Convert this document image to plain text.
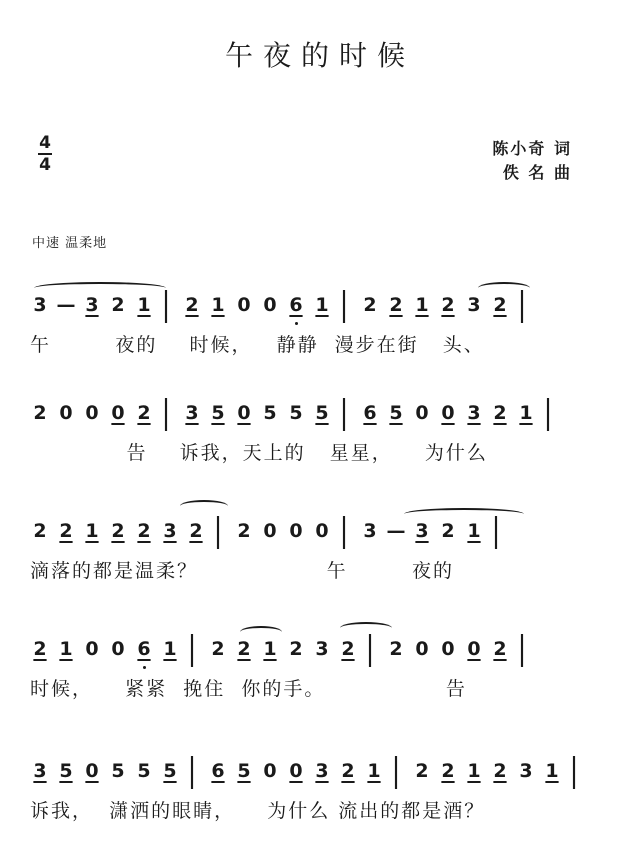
午夜的时候
4
4
陈小奇 词
佚 名 曲
中速 温柔地
3 — 3 2 1 | 2 1 0 0 6 1 | 2 2 1 2 3 2 |
午        夜的    时候，   静静  漫步在街   头、
2 0 0 0 2 | 3 5 0 5 5 5 | 6 5 0 0 3 2 1 |
告    诉我，天上的   星星，    为什么
2 2 1 2 2 3 2 | 2 0 0 0 | 3 — 3 2 1 |
滴落的都是温柔？                午        夜的
2 1 0 0 6 1 | 2 2 1 2 3 2 | 2 0 0 0 2 |
时候，    紧紧  挽住  你的手。               告
3 5 0 5 5 5 | 6 5 0 0 3 2 1 | 2 2 1 2 3 1 |
诉我，  潇洒的眼睛，    为什么 流出的都是酒？
